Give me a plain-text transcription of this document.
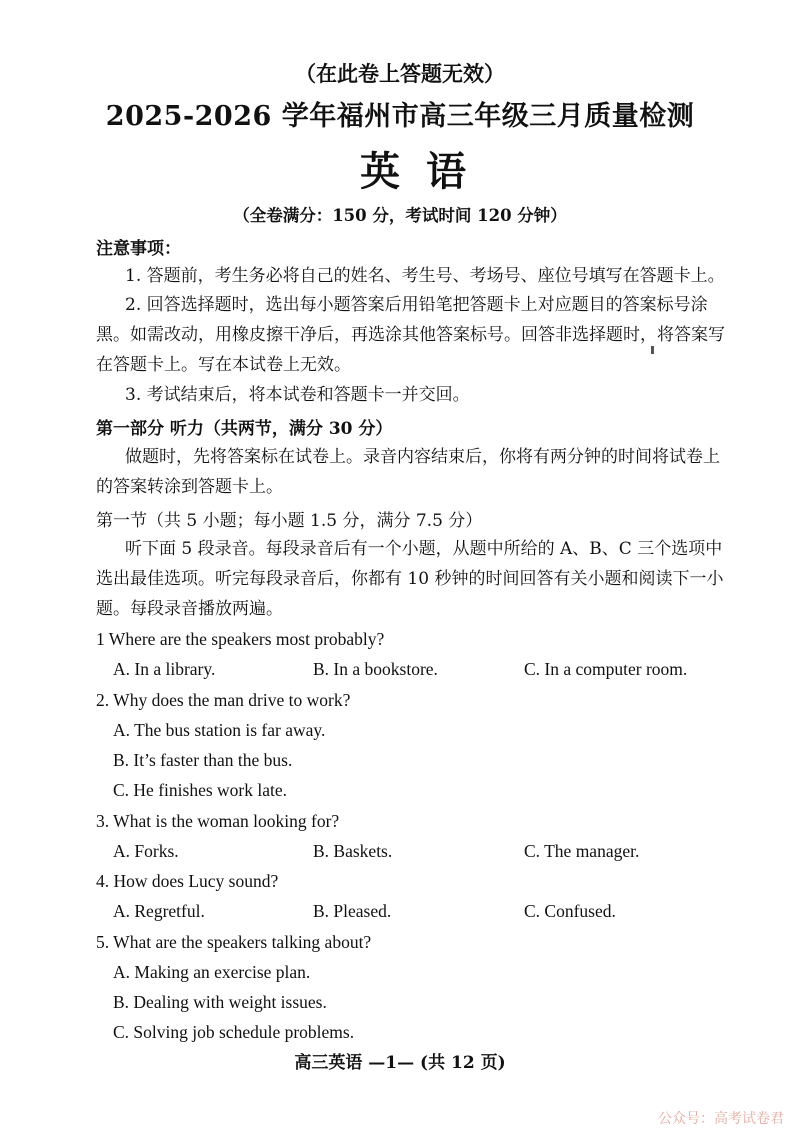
（在此卷上答题无效）
2025-2026 学年福州市高三年级三月质量检测
英语
（全卷满分：150 分，考试时间 120 分钟）
注意事项：
1. 答题前，考生务必将自己的姓名、考生号、考场号、座位号填写在答题卡上。
2. 回答选择题时，选出每小题答案后用铅笔把答题卡上对应题目的答案标号涂黑。如需改动，用橡皮擦干净后，再选涂其他答案标号。回答非选择题时，将答案写在答题卡上。写在本试卷上无效。
3. 考试结束后，将本试卷和答题卡一并交回。
第一部分 听力（共两节，满分 30 分）
做题时，先将答案标在试卷上。录音内容结束后，你将有两分钟的时间将试卷上的答案转涂到答题卡上。
第一节（共 5 小题；每小题 1.5 分，满分 7.5 分）
听下面 5 段录音。每段录音后有一个小题，从题中所给的 A、B、C 三个选项中选出最佳选项。听完每段录音后，你都有 10 秒钟的时间回答有关小题和阅读下一小题。每段录音播放两遍。
1 Where are the speakers most probably?
A. In a library.	B. In a bookstore.	C. In a computer room.
2. Why does the man drive to work?
A. The bus station is far away.
B. It’s faster than the bus.
C. He finishes work late.
3. What is the woman looking for?
A. Forks.	B. Baskets.	C. The manager.
4. How does Lucy sound?
A. Regretful.	B. Pleased.	C. Confused.
5. What are the speakers talking about?
A. Making an exercise plan.
B. Dealing with weight issues.
C. Solving job schedule problems.
高三英语 —1— (共 12 页)
公众号：高考试卷君
